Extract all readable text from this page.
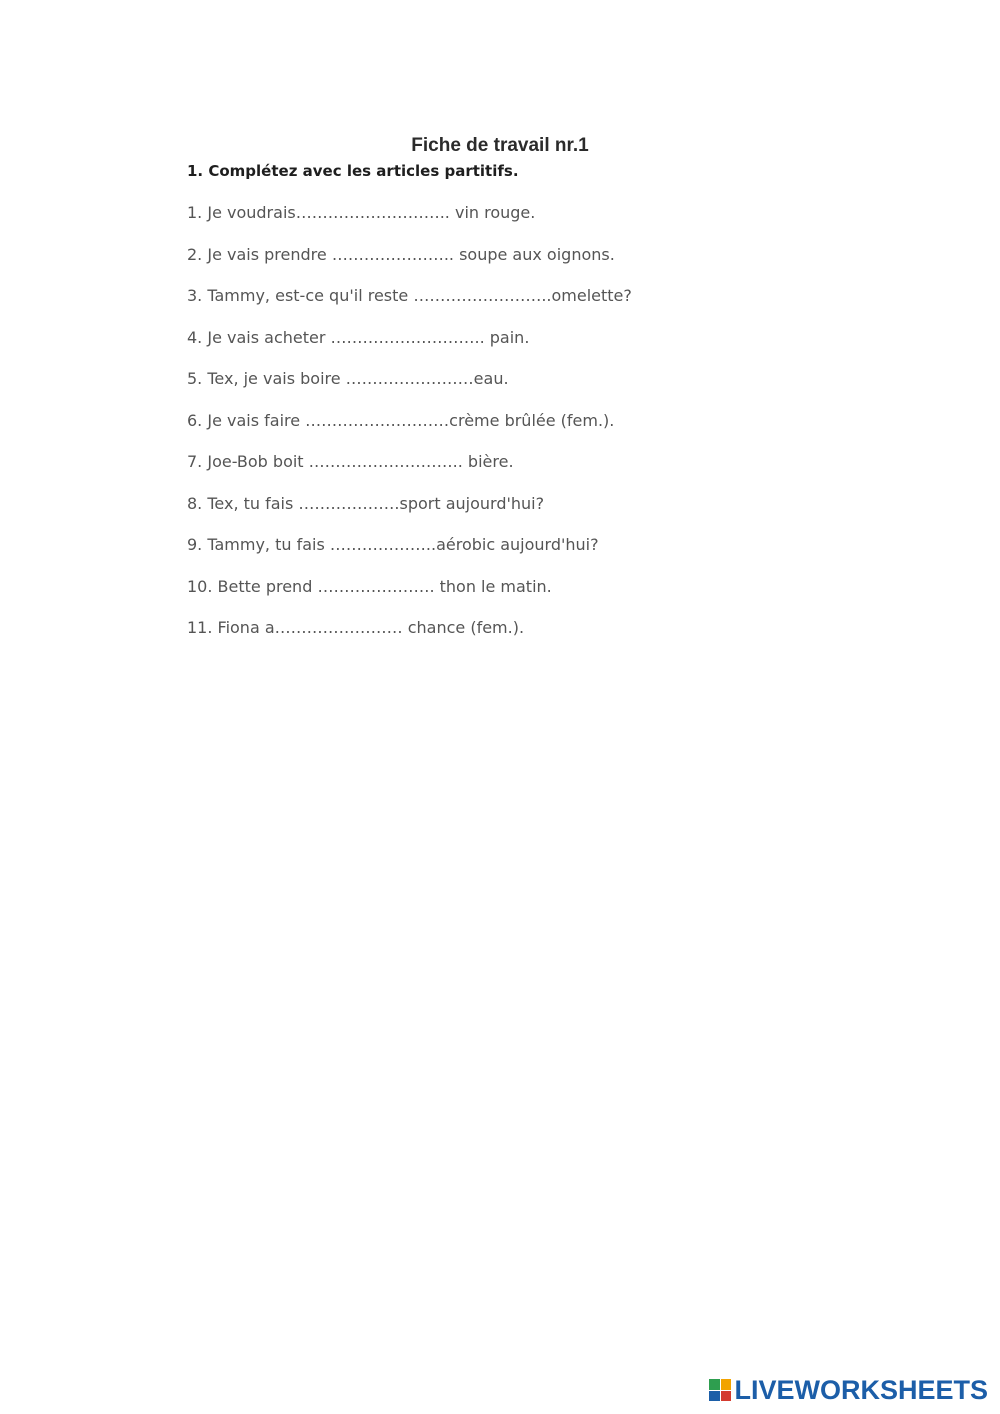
Fiche de travail nr.1
1. Complétez avec les articles partitifs.
1. Je voudrais……………………….. vin rouge.
2. Je vais prendre ………………….. soupe aux oignons.
3. Tammy, est-ce qu'il reste ……………………..omelette?
4. Je vais acheter ……………………….. pain.
5. Tex, je vais boire ……………………eau.
6. Je vais faire ………………………crème brûlée (fem.).
7. Joe-Bob boit ……………………….. bière.
8. Tex, tu fais ……………….sport aujourd'hui?
9. Tammy, tu fais ………………..aérobic aujourd'hui?
10. Bette prend …………………. thon le matin.
11. Fiona a…………………… chance (fem.).
LIVEWORKSHEETS
